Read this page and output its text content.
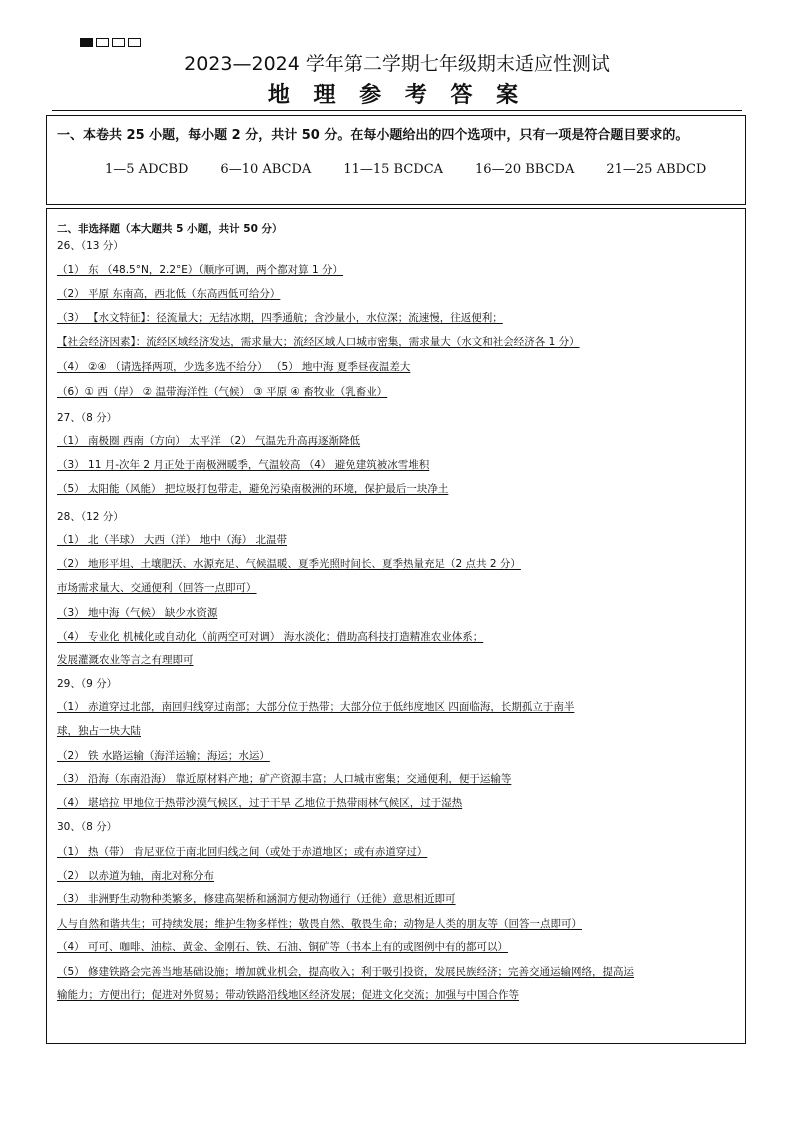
2023—2024 学年第二学期七年级期末适应性测试
地 理 参 考 答 案
一、本卷共 25 小题，每小题 2 分，共计 50 分。在每小题给出的四个选项中，只有一项是符合题目要求的。
1—5 ADCBD 6—10 ABCDA 11—15 BCDCA 16—20 BBCDA 21—25 ABDCD
二、非选择题（本大题共 5 小题，共计 50 分）
26、（13 分）
（1） 东 （48.5°N，2.2°E）（顺序可调，两个都对算 1 分）
（2） 平原 东南高，西北低（东高西低可给分）
（3） 【水文特征】：径流量大；无结冰期，四季通航；含沙量小，水位深；流速慢，往返便利；
【社会经济因素】：流经区域经济发达，需求量大；流经区域人口城市密集，需求量大（水文和社会经济各 1 分）
（4） ②④ （请选择两项，少选多选不给分） （5） 地中海 夏季昼夜温差大
（6）① 西（岸） ② 温带海洋性（气候） ③ 平原 ④ 畜牧业（乳畜业）
27、（8 分）
（1） 南极圈 西南（方向） 太平洋 （2） 气温先升高再逐渐降低
（3） 11 月-次年 2 月正处于南极洲暖季，气温较高 （4） 避免建筑被冰雪堆积
（5） 太阳能（风能） 把垃圾打包带走，避免污染南极洲的环境，保护最后一块净土
28、（12 分）
（1） 北（半球） 大西（洋） 地中（海） 北温带
（2） 地形平坦、土壤肥沃、水源充足、气候温暖、夏季光照时间长、夏季热量充足（2 点共 2 分）
市场需求量大、交通便利（回答一点即可）
（3） 地中海（气候） 缺少水资源
（4） 专业化 机械化或自动化（前两空可对调） 海水淡化；借助高科技打造精准农业体系；
发展灌溉农业等言之有理即可
29、（9 分）
（1） 赤道穿过北部，南回归线穿过南部；大部分位于热带；大部分位于低纬度地区 四面临海，长期孤立于南半
球，独占一块大陆
（2） 铁 水路运输（海洋运输；海运；水运）
（3） 沿海（东南沿海） 靠近原材料产地；矿产资源丰富；人口城市密集；交通便利，便于运输等
（4） 堪培拉 甲地位于热带沙漠气候区，过于干旱 乙地位于热带雨林气候区，过于湿热
30、（8 分）
（1） 热（带） 肯尼亚位于南北回归线之间（或处于赤道地区；或有赤道穿过）
（2） 以赤道为轴，南北对称分布
（3） 非洲野生动物种类繁多，修建高架桥和涵洞方便动物通行（迁徙）意思相近即可
人与自然和谐共生；可持续发展；维护生物多样性；敬畏自然、敬畏生命；动物是人类的朋友等（回答一点即可）
（4） 可可、咖啡、油棕、黄金、金刚石、铁、石油、铜矿等（书本上有的或图例中有的都可以）
（5） 修建铁路会完善当地基础设施；增加就业机会，提高收入；利于吸引投资，发展民族经济；完善交通运输网络，提高运
输能力；方便出行；促进对外贸易；带动铁路沿线地区经济发展；促进文化交流；加强与中国合作等
